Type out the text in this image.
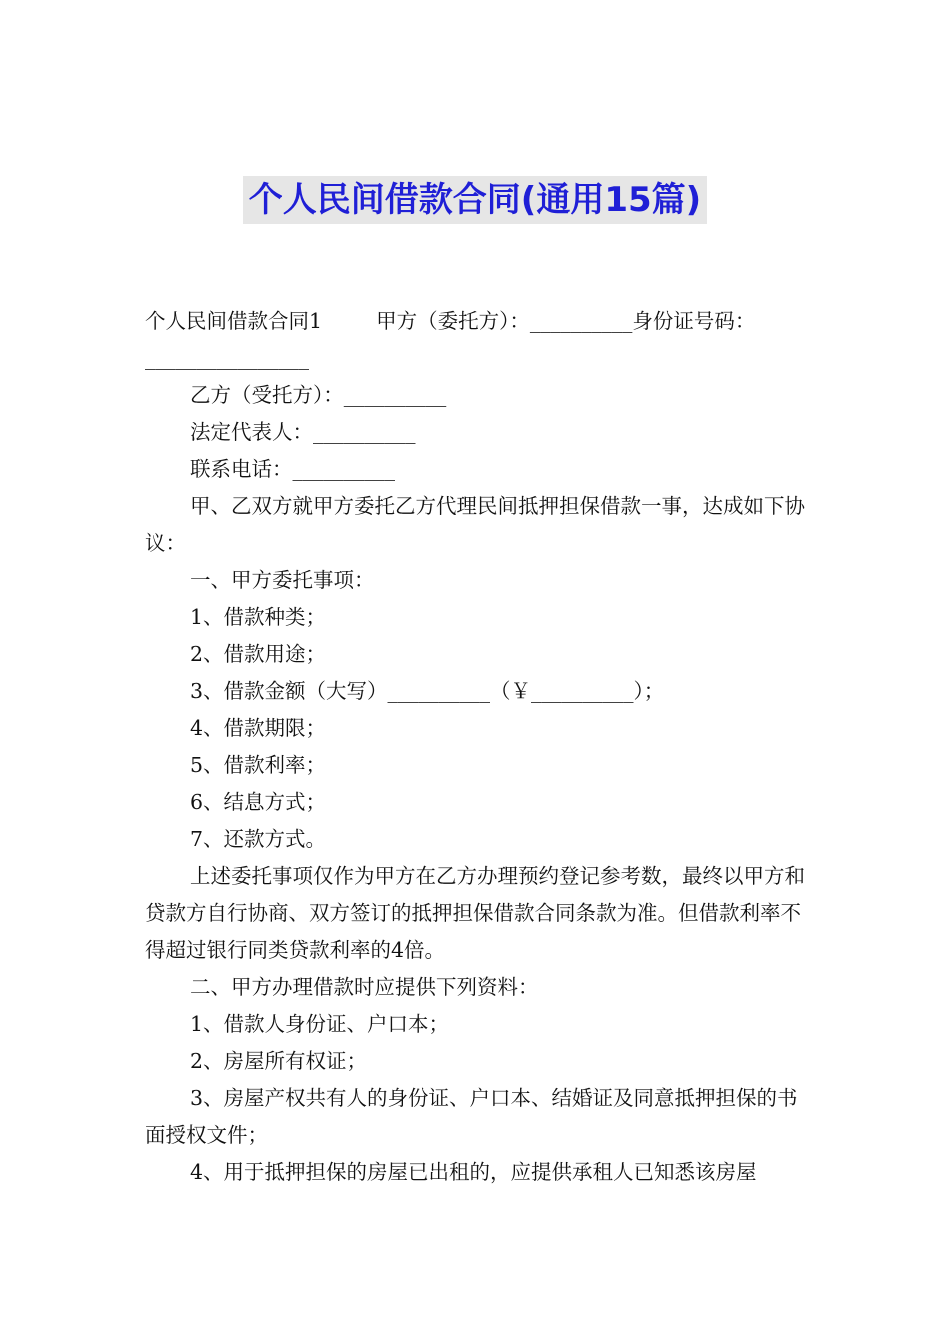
个人民间借款合同(通用15篇)

个人民间借款合同1 　 　甲方（委托方）：__________身份证号码：________________

乙方（受托方）：__________

法定代表人：__________

联系电话：__________

甲、乙双方就甲方委托乙方代理民间抵押担保借款一事，达成如下协议：

一、甲方委托事项：

1、借款种类；

2、借款用途；

3、借款金额（大写）__________（￥__________）；

4、借款期限；

5、借款利率；

6、结息方式；

7、还款方式。

上述委托事项仅作为甲方在乙方办理预约登记参考数，最终以甲方和贷款方自行协商、双方签订的抵押担保借款合同条款为准。但借款利率不得超过银行同类贷款利率的4倍。

二、甲方办理借款时应提供下列资料：

1、借款人身份证、户口本；

2、房屋所有权证；

3、房屋产权共有人的身份证、户口本、结婚证及同意抵押担保的书面授权文件；

4、用于抵押担保的房屋已出租的，应提供承租人已知悉该房屋
